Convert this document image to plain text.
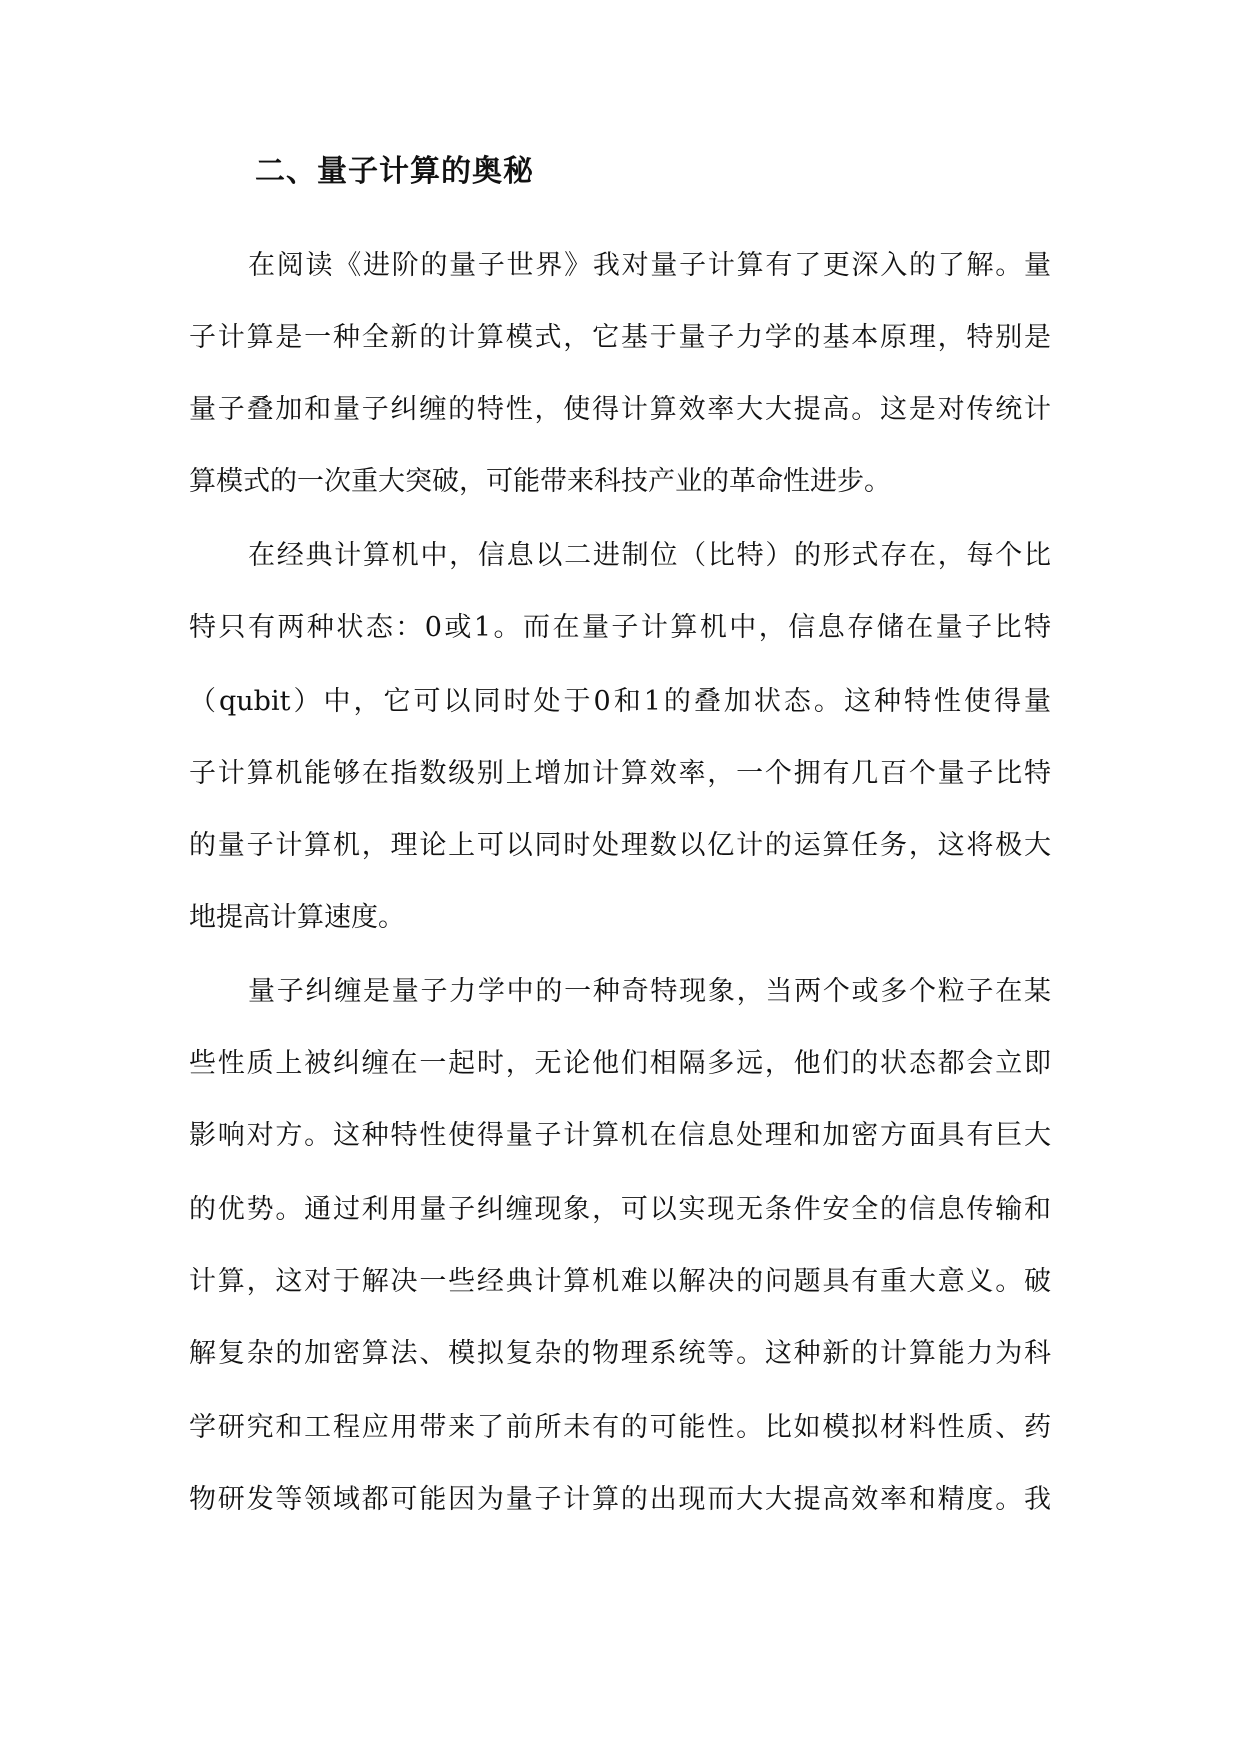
二、量子计算的奥秘

在阅读《进阶的量子世界》我对量子计算有了更深入的了解。量

子计算是一种全新的计算模式，它基于量子力学的基本原理，特别是

量子叠加和量子纠缠的特性，使得计算效率大大提高。这是对传统计

算模式的一次重大突破，可能带来科技产业的革命性进步。

在经典计算机中，信息以二进制位（比特）的形式存在，每个比

特只有两种状态：0或1。而在量子计算机中，信息存储在量子比特

（qubit）中，它可以同时处于0和1的叠加状态。这种特性使得量

子计算机能够在指数级别上增加计算效率，一个拥有几百个量子比特

的量子计算机，理论上可以同时处理数以亿计的运算任务，这将极大

地提高计算速度。

量子纠缠是量子力学中的一种奇特现象，当两个或多个粒子在某

些性质上被纠缠在一起时，无论他们相隔多远，他们的状态都会立即

影响对方。这种特性使得量子计算机在信息处理和加密方面具有巨大

的优势。通过利用量子纠缠现象，可以实现无条件安全的信息传输和

计算，这对于解决一些经典计算机难以解决的问题具有重大意义。破

解复杂的加密算法、模拟复杂的物理系统等。这种新的计算能力为科

学研究和工程应用带来了前所未有的可能性。比如模拟材料性质、药

物研发等领域都可能因为量子计算的出现而大大提高效率和精度。我
